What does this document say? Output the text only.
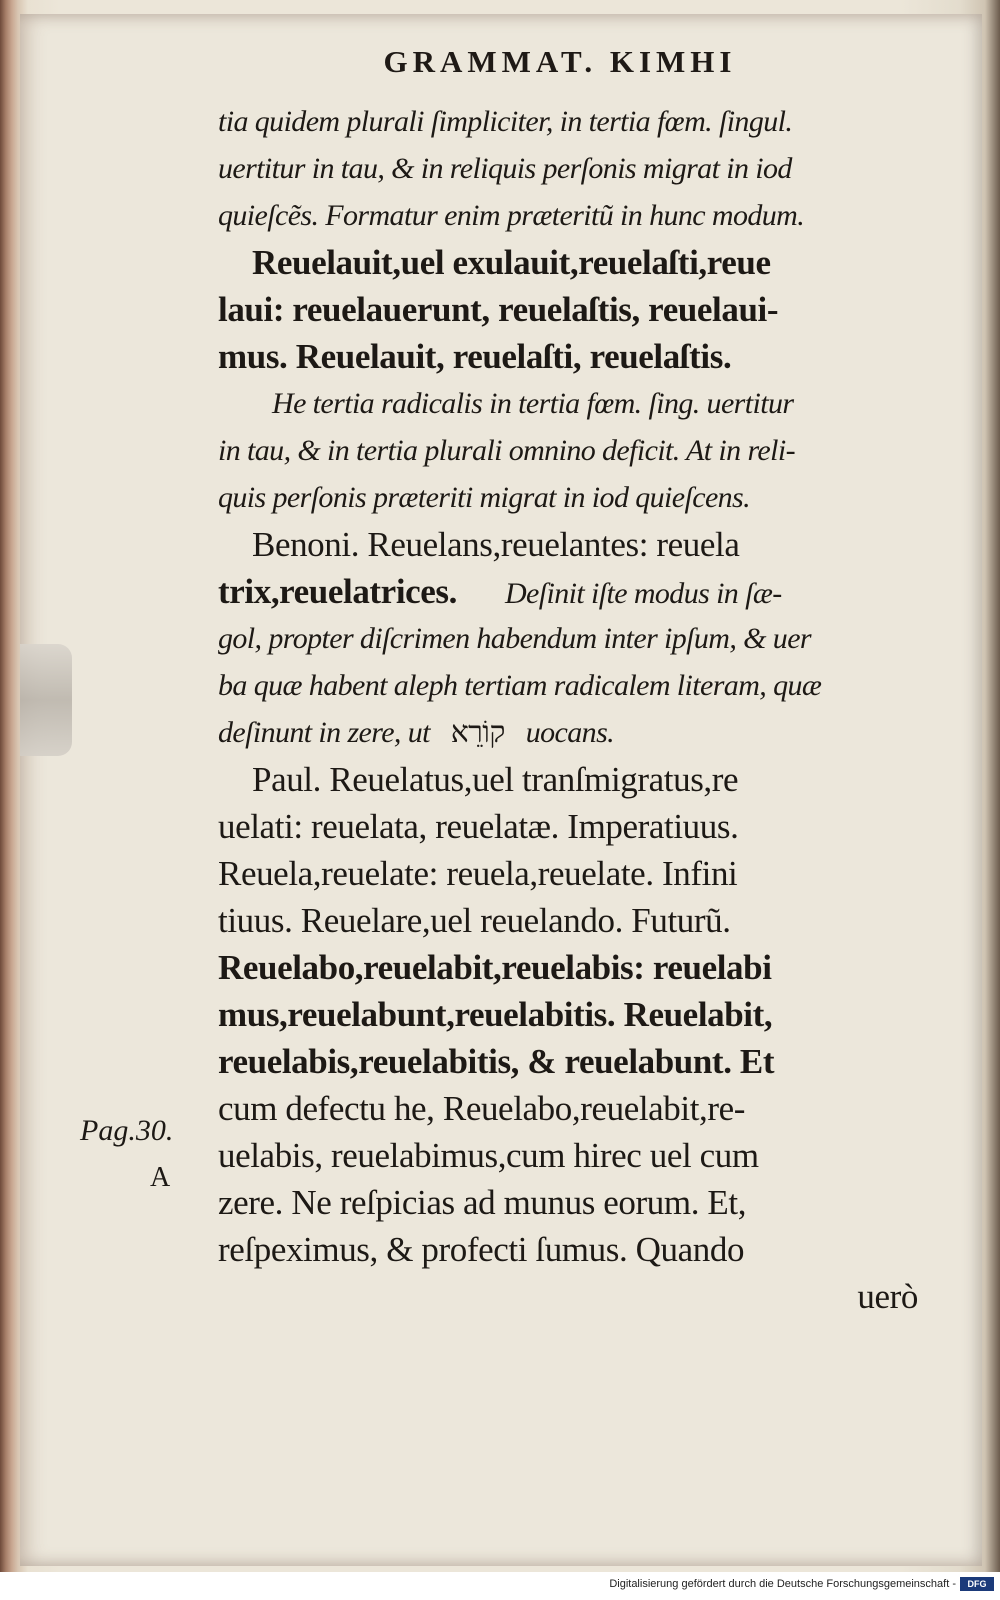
GRAMMAT. KIMHI
tia quidem plurali ſimpliciter, in tertia fœm. ſingul.
uertitur in tau, & in reliquis perſonis migrat in iod
quieſcẽs. Formatur enim præteritũ in hunc modum.
Reuelauit,uel exulauit,reuelaſti,reue
laui: reuelauerunt, reuelaſtis, reuelaui-
mus. Reuelauit, reuelaſti, reuelaſtis.
He tertia radicalis in tertia fœm. ſing. uertitur
in tau, & in tertia plurali omnino deficit. At in reli-
quis perſonis præteriti migrat in iod quieſcens.
Benoni. Reuelans,reuelantes: reuela
trix,reuelatrices. Deſinit iſte modus in ſæ-
gol, propter diſcrimen habendum inter ipſum, & uer
ba quæ habent aleph tertiam radicalem literam, quæ
deſinunt in zere, ut קוֹרֵא uocans.
Paul. Reuelatus,uel tranſmigratus,re
uelati: reuelata, reuelatæ. Imperatiuus.
Reuela,reuelate: reuela,reuelate. Infini
tiuus. Reuelare,uel reuelando. Futurũ.
Reuelabo,reuelabit,reuelabis: reuelabi
mus,reuelabunt,reuelabitis. Reuelabit,
reuelabis,reuelabitis, & reuelabunt. Et
cum defectu he, Reuelabo,reuelabit,re-
uelabis, reuelabimus,cum hirec uel cum
zere. Ne reſpicias ad munus eorum. Et,
reſpeximus, & profecti ſumus. Quando
uerò
Pag.30.
A
Digitalisierung gefördert durch die Deutsche Forschungsgemeinschaft -	DFG
